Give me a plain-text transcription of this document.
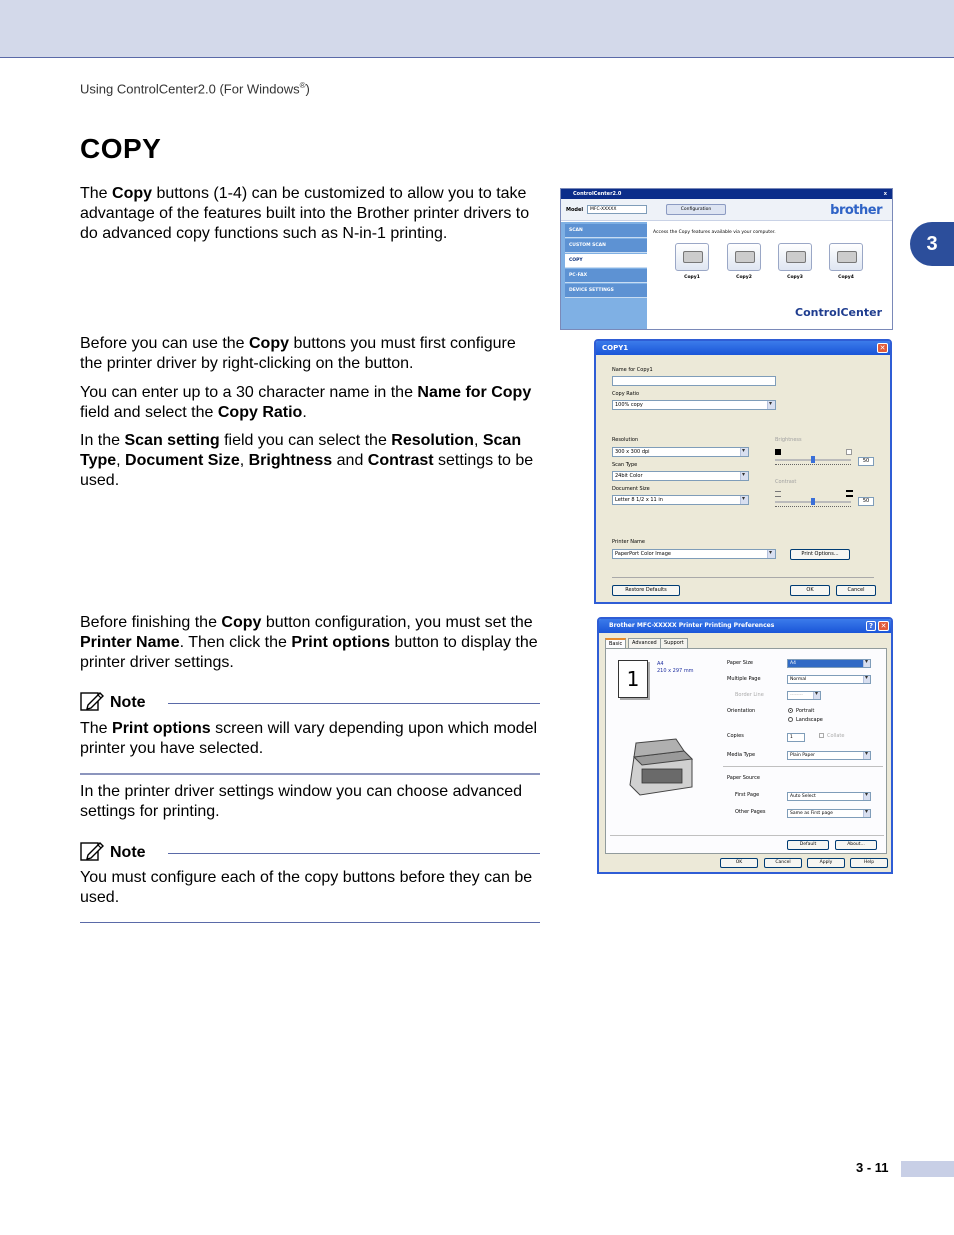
Using ControlCenter2.0 (For Windows®)
3
COPY

The Copy buttons (1-4) can be customized to allow you to take advantage of the features built into the Brother printer drivers to do advanced copy functions such as N-in-1 printing.

Before you can use the Copy buttons you must first configure the printer driver by right-clicking on the button.

You can enter up to a 30 character name in the Name for Copy field and select the Copy Ratio.

In the Scan setting field you can select the Resolution, Scan Type, Document Size, Brightness and Contrast settings to be used.

Before finishing the Copy button configuration, you must set the Printer Name. Then click the Print options button to display the printer driver settings.

Note

The Print options screen will vary depending upon which model printer you have selected.

In the printer driver settings window you can choose advanced settings for printing.

Note

You must configure each of the copy buttons before they can be used.

3 - 11
ControlCenter2.0	x
Model	MFC-XXXXX	Configuration	brother
SCAN
CUSTOM SCAN
COPY
PC-FAX
DEVICE SETTINGS
Access the Copy features available via your computer.
Copy1	Copy2	Copy3	Copy4
ControlCenter
COPY1	✕
Name for Copy1
Copy Ratio
100% copy
▾
Resolution
300 x 300 dpi
▾
Scan Type
24bit Color
▾
Document Size
Letter 8 1/2 x 11 in
▾
Brightness
50
Contrast
50
Printer Name
PaperPort Color Image
▾	Print Options...
Restore Defaults	OK	Cancel
Brother MFC-XXXXX Printer Printing Preferences	?	✕
Basic	Advanced	Support
1
A4
210 x 297 mm
Paper Size	A4
▾
Multiple Page	Normal
▾
Border Line	--------
▾
Orientation	Portrait
Landscape
Copies	1	Collate
Media Type	Plain Paper
▾
Paper Source
First Page	Auto Select
▾
Other Pages	Same as First page
▾
Default	About...
OK	Cancel	Apply	Help
